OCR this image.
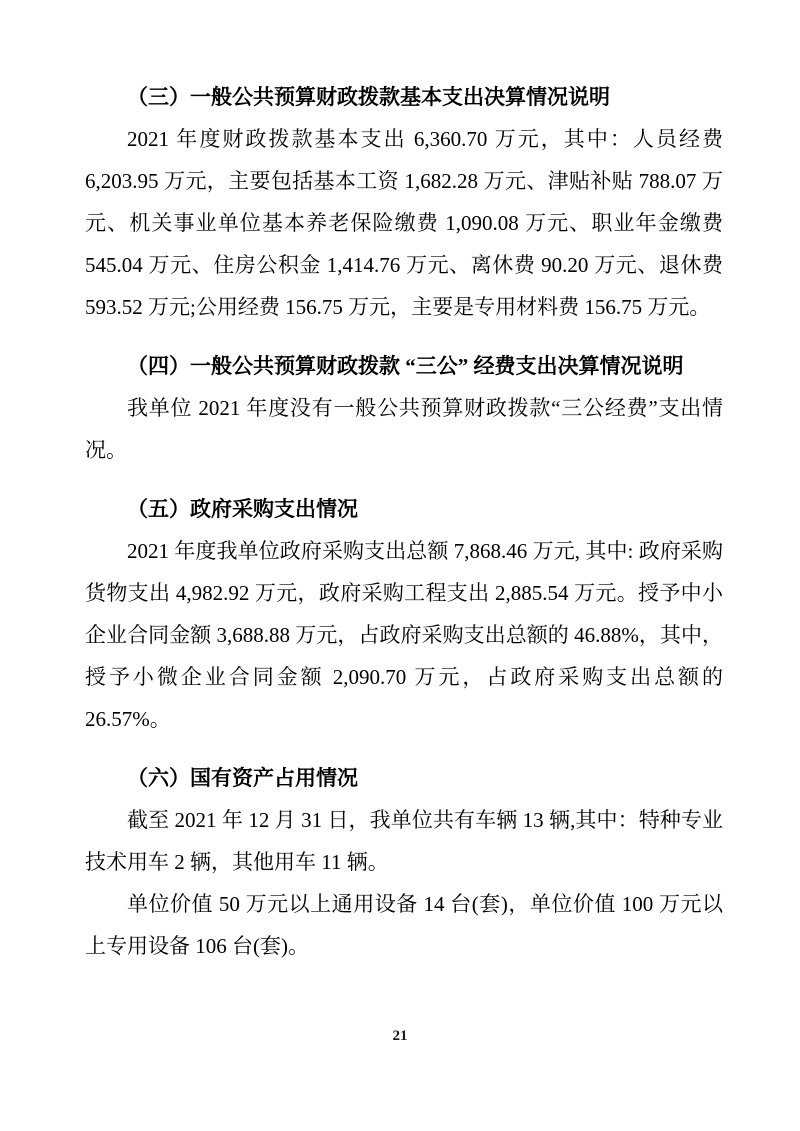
（三）一般公共预算财政拨款基本支出决算情况说明
2021 年度财政拨款基本支出 6,360.70 万元，其中：人员经费 6,203.95 万元，主要包括基本工资 1,682.28 万元、津贴补贴 788.07 万元、机关事业单位基本养老保险缴费 1,090.08 万元、职业年金缴费 545.04 万元、住房公积金 1,414.76 万元、离休费 90.20 万元、退休费 593.52 万元;公用经费 156.75 万元，主要是专用材料费 156.75 万元。
（四）一般公共预算财政拨款 “三公” 经费支出决算情况说明
我单位 2021 年度没有一般公共预算财政拨款“三公经费”支出情况。
（五）政府采购支出情况
2021 年度我单位政府采购支出总额 7,868.46 万元, 其中: 政府采购货物支出 4,982.92 万元，政府采购工程支出 2,885.54 万元。授予中小企业合同金额 3,688.88 万元，占政府采购支出总额的 46.88%，其中，授予小微企业合同金额 2,090.70 万元，占政府采购支出总额的 26.57%。
（六）国有资产占用情况
截至 2021 年 12 月 31 日，我单位共有车辆 13 辆,其中：特种专业技术用车 2 辆，其他用车 11 辆。
单位价值 50 万元以上通用设备 14 台(套)，单位价值 100 万元以上专用设备 106 台(套)。
21
